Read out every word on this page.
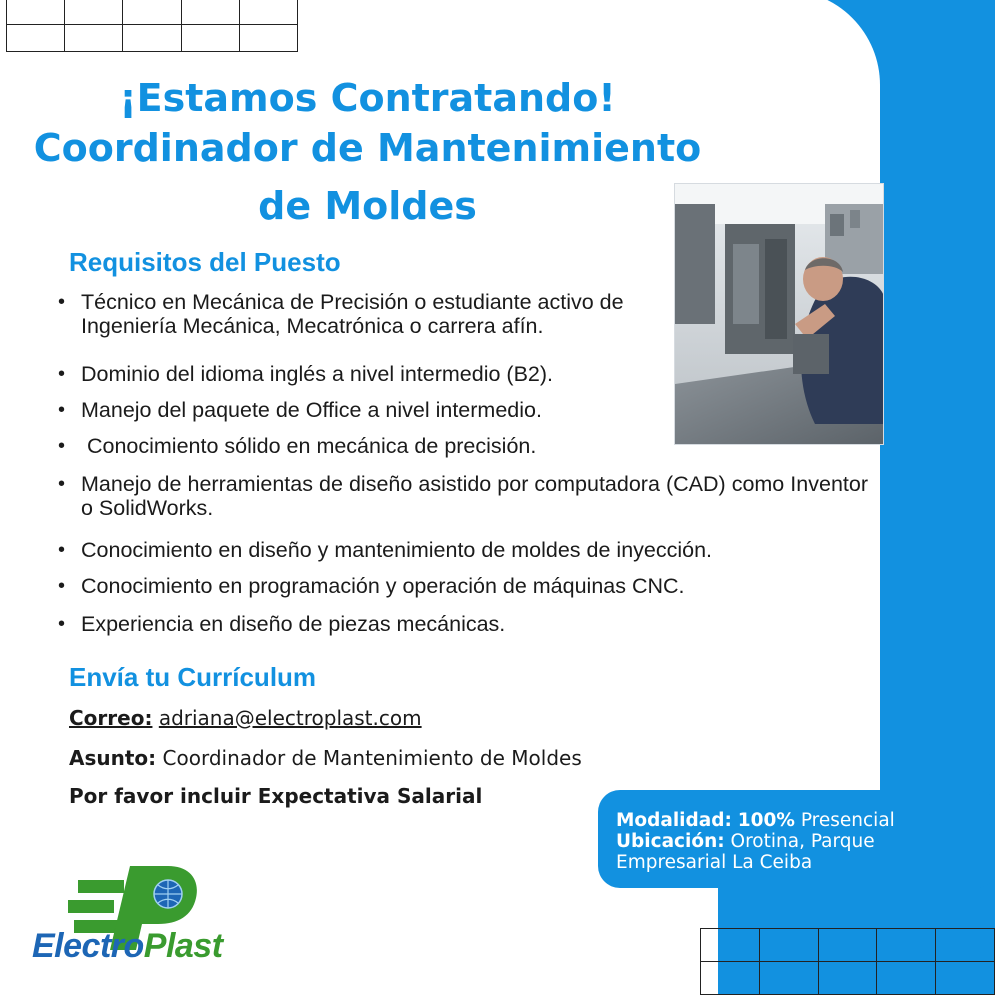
¡Estamos Contratando!
Coordinador de Mantenimiento
de Moldes
Requisitos del Puesto
• Técnico en Mecánica de Precisión o estudiante activo de Ingeniería Mecánica, Mecatrónica o carrera afín.
• Dominio del idioma inglés a nivel intermedio (B2).
• Manejo del paquete de Office a nivel intermedio.
•  Conocimiento sólido en mecánica de precisión.
• Manejo de herramientas de diseño asistido por computadora (CAD) como Inventor o SolidWorks.
• Conocimiento en diseño y mantenimiento de moldes de inyección.
• Conocimiento en programación y operación de máquinas CNC.
• Experiencia en diseño de piezas mecánicas.
Envía tu Currículum
Correo: adriana@electroplast.com
Asunto: Coordinador de Mantenimiento de Moldes
Por favor incluir Expectativa Salarial
Modalidad: 100% Presencial
Ubicación: Orotina, Parque
Empresarial La Ceiba
ElectroPlast
